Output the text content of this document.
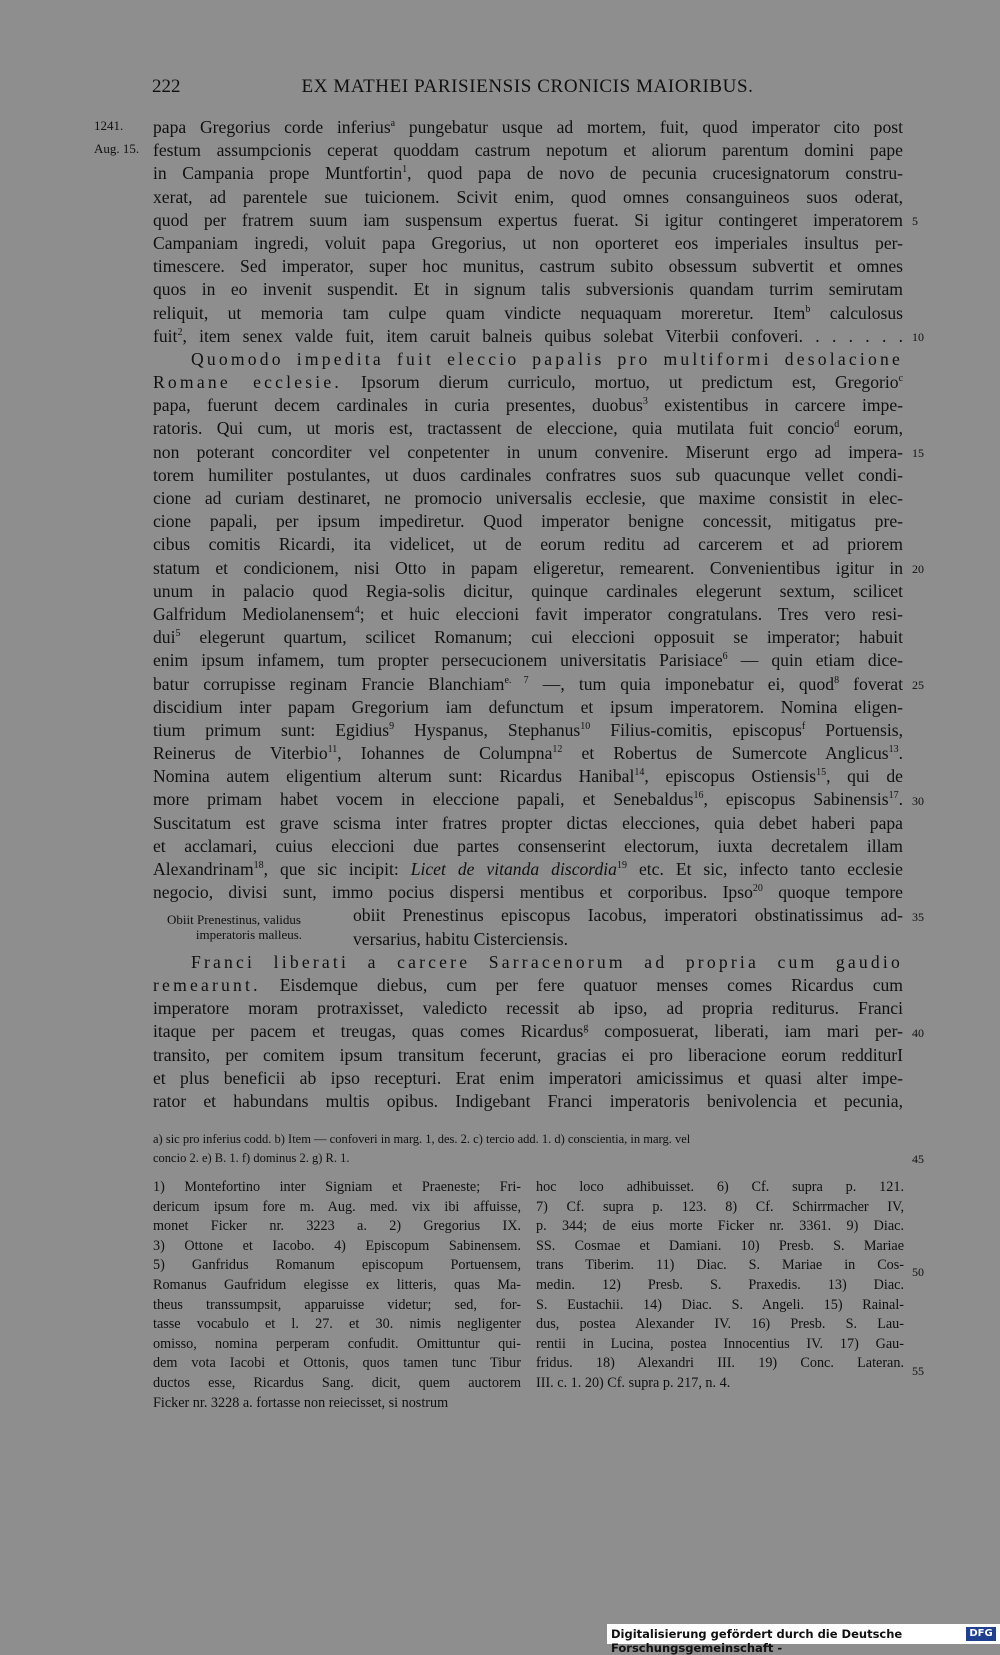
222	EX MATHEI PARISIENSIS CRONICIS MAIORIBUS.
1241.
Aug. 15.
papa Gregorius corde inferius$^a$ pungebatur usque ad mortem, fuit, quod imperator cito post
festum assumpcionis ceperat quoddam castrum nepotum et aliorum parentum domini pape
in Campania prope Muntfortin$^1$, quod papa de novo de pecunia crucesignatorum constru-
xerat, ad parentele sue tuicionem. Scivit enim, quod omnes consanguineos suos oderat,
quod per fratrem suum iam suspensum expertus fuerat. Si igitur contingeret imperatorem
Campaniam ingredi, voluit papa Gregorius, ut non oporteret eos imperiales insultus per-
timescere. Sed imperator, super hoc munitus, castrum subito obsessum subvertit et omnes
quos in eo invenit suspendit. Et in signum talis subversionis quandam turrim semirutam
reliquit, ut memoria tam culpe quam vindicte nequaquam moreretur. Item$^b$ calculosus
fuit$^2$, item senex valde fuit, item caruit balneis quibus solebat Viterbii confoveri. . . . . . .
Quomodo impedita fuit eleccio papalis pro multiformi desolacione
Romane ecclesie. Ipsorum dierum curriculo, mortuo, ut predictum est, Gregorio$^c$
papa, fuerunt decem cardinales in curia presentes, duobus$^3$ existentibus in carcere impe-
ratoris. Qui cum, ut moris est, tractassent de eleccione, quia mutilata fuit concio$^d$ eorum,
non poterant concorditer vel conpetenter in unum convenire. Miserunt ergo ad impera-
torem humiliter postulantes, ut duos cardinales confratres suos sub quacunque vellet condi-
cione ad curiam destinaret, ne promocio universalis ecclesie, que maxime consistit in elec-
cione papali, per ipsum impediretur. Quod imperator benigne concessit, mitigatus pre-
cibus comitis Ricardi, ita videlicet, ut de eorum reditu ad carcerem et ad priorem
statum et condicionem, nisi Otto in papam eligeretur, remearent. Convenientibus igitur in
unum in palacio quod Regia-solis dicitur, quinque cardinales elegerunt sextum, scilicet
Galfridum Mediolanensem$^4$; et huic eleccioni favit imperator congratulans. Tres vero resi-
dui$^5$ elegerunt quartum, scilicet Romanum; cui eleccioni opposuit se imperator; habuit
enim ipsum infamem, tum propter persecucionem universitatis Parisiace$^6$ — quin etiam dice-
batur corrupisse reginam Francie Blanchiam$^{e. 7}$ —, tum quia imponebatur ei, quod$^8$ foverat
discidium inter papam Gregorium iam defunctum et ipsum imperatorem. Nomina eligen-
tium primum sunt: Egidius$^9$ Hyspanus, Stephanus$^{10}$ Filius-comitis, episcopus$^f$ Portuensis,
Reinerus de Viterbio$^{11}$, Iohannes de Columpna$^{12}$ et Robertus de Sumercote Anglicus$^{13}$.
Nomina autem eligentium alterum sunt: Ricardus Hanibal$^{14}$, episcopus Ostiensis$^{15}$, qui de
more primam habet vocem in eleccione papali, et Senebaldus$^{16}$, episcopus Sabinensis$^{17}$.
Suscitatum est grave scisma inter fratres propter dictas elecciones, quia debet haberi papa
et acclamari, cuius eleccioni due partes consenserint electorum, iuxta decretalem illam
Alexandrinam$^{18}$, que sic incipit: Licet de vitanda discordia$^{19}$ etc. Et sic, infecto tanto ecclesie
negocio, divisi sunt, immo pocius dispersi mentibus et corporibus. Ipso$^{20}$ quoque tempore
obiit Prenestinus episcopus Iacobus, imperatori obstinatissimus ad-
versarius, habitu Cisterciensis.
Franci liberati a carcere Sarracenorum ad propria cum gaudio
remearunt. Eisdemque diebus, cum per fere quatuor menses comes Ricardus cum
imperatore moram protraxisset, valedicto recessit ab ipso, ad propria rediturus. Franci
itaque per pacem et treugas, quas comes Ricardus$^g$ composuerat, liberati, iam mari per-
transito, per comitem ipsum transitum fecerunt, gracias ei pro liberacione eorum redditurI
et plus beneficii ab ipso recepturi. Erat enim imperatori amicissimus et quasi alter impe-
rator et habundans multis opibus. Indigebant Franci imperatoris benivolencia et pecunia,
Obiit Prenestinus, validus
imperatoris malleus.
a) sic pro inferius codd. b) Item — confoveri in marg. 1, des. 2. c) tercio add. 1. d) conscientia, in marg. vel
concio 2. e) B. 1. f) dominus 2. g) R. 1.	45
1) Montefortino inter Signiam et Praeneste; Fri-
dericum ipsum fore m. Aug. med. vix ibi affuisse,
monet Ficker nr. 3223 a. 2) Gregorius IX.
3) Ottone et Iacobo. 4) Episcopum Sabinensem.
5) Ganfridus Romanum episcopum Portuensem,
Romanus Gaufridum elegisse ex litteris, quas Ma-
theus transsumpsit, apparuisse videtur; sed, for-
tasse vocabulo et l. 27. et 30. nimis negligenter
omisso, nomina perperam confudit. Omittuntur qui-
dem vota Iacobi et Ottonis, quos tamen tunc Tibur
ductos esse, Ricardus Sang. dicit, quem auctorem
Ficker nr. 3228 a. fortasse non reiecisset, si nostrum
hoc loco adhibuisset. 6) Cf. supra p. 121.
7) Cf. supra p. 123. 8) Cf. Schirrmacher IV,
p. 344; de eius morte Ficker nr. 3361. 9) Diac.
SS. Cosmae et Damiani. 10) Presb. S. Mariae
trans Tiberim. 11) Diac. S. Mariae in Cos-
medin. 12) Presb. S. Praxedis. 13) Diac.
S. Eustachii. 14) Diac. S. Angeli. 15) Rainal-
dus, postea Alexander IV. 16) Presb. S. Lau-
rentii in Lucina, postea Innocentius IV. 17) Gau-
fridus. 18) Alexandri III. 19) Conc. Lateran.
III. c. 1. 20) Cf. supra p. 217, n. 4.
50
55
Digitalisierung gefördert durch die Deutsche Forschungsgemeinschaft -
DFG
5
10
15
20
25
30
35
40
